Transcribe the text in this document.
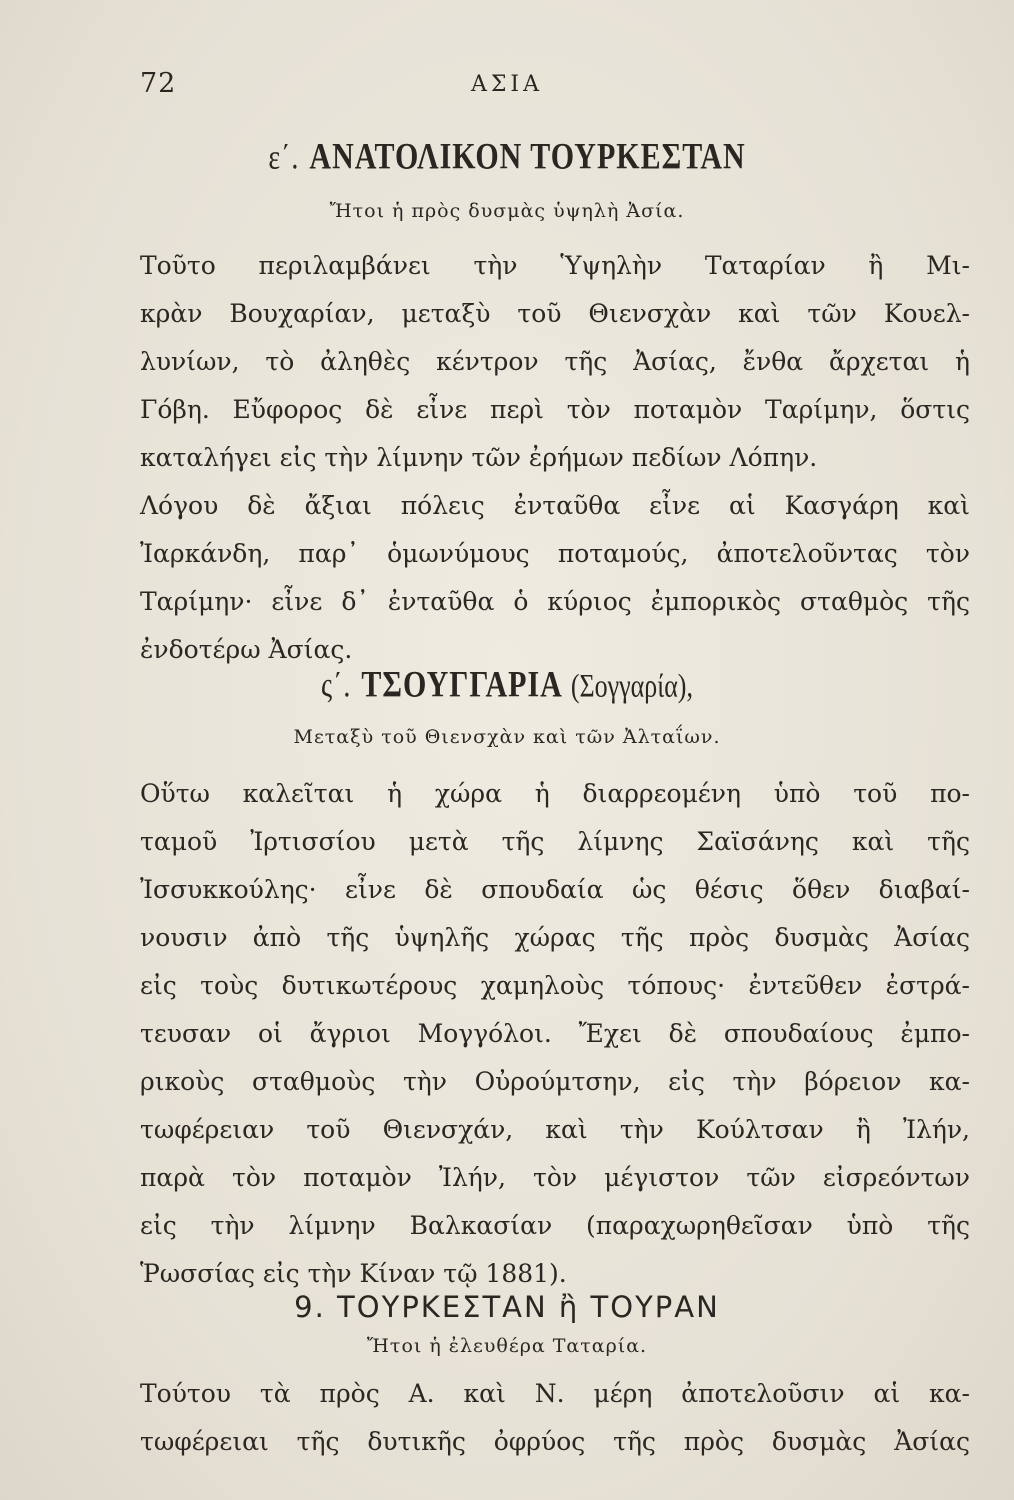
72	ΑΣΙΑ
ε΄. ΑΝΑΤΟΛΙΚΟΝ ΤΟΥΡΚΕΣΤΑΝ
Ἤτοι ἡ πρὸς δυσμὰς ὑψηλὴ Ἀσία.
Τοῦτο περιλαμβάνει τὴν Ὑψηλὴν Ταταρίαν ἢ Μι-
κρὰν Βουχαρίαν, μεταξὺ τοῦ Θιενσχὰν καὶ τῶν Κουελ-
λυνίων, τὸ ἀληθὲς κέντρον τῆς Ἀσίας, ἔνθα ἄρχεται ἡ
Γόβη. Εὔφορος δὲ εἶνε περὶ τὸν ποταμὸν Ταρίμην, ὅστις
καταλήγει εἰς τὴν λίμνην τῶν ἐρήμων πεδίων Λόπην.
Λόγου δὲ ἄξιαι πόλεις ἐνταῦθα εἶνε αἱ Κασγάρη καὶ
Ἰαρκάνδη, παρ᾽ ὁμωνύμους ποταμούς, ἀποτελοῦντας τὸν
Ταρίμην· εἶνε δ᾽ ἐνταῦθα ὁ κύριος ἐμπορικὸς σταθμὸς τῆς
ἐνδοτέρω Ἀσίας.
ς΄. ΤΣΟΥΓΓΑΡΙΑ (Σογγαρία),
Μεταξὺ τοῦ Θιενσχὰν καὶ τῶν Ἀλταΐων.
Οὕτω καλεῖται ἡ χώρα ἡ διαρρεομένη ὑπὸ τοῦ πο-
ταμοῦ Ἰρτισσίου μετὰ τῆς λίμνης Σαϊσάνης καὶ τῆς
Ἰσσυκκούλης· εἶνε δὲ σπουδαία ὡς θέσις ὅθεν διαβαί-
νουσιν ἀπὸ τῆς ὑψηλῆς χώρας τῆς πρὸς δυσμὰς Ἀσίας
εἰς τοὺς δυτικωτέρους χαμηλοὺς τόπους· ἐντεῦθεν ἐστρά-
τευσαν οἱ ἄγριοι Μογγόλοι. Ἔχει δὲ σπουδαίους ἐμπο-
ρικοὺς σταθμοὺς τὴν Οὐρούμτσην, εἰς τὴν βόρειον κα-
τωφέρειαν τοῦ Θιενσχάν, καὶ τὴν Κούλτσαν ἢ Ἰλήν,
παρὰ τὸν ποταμὸν Ἰλήν, τὸν μέγιστον τῶν εἰσρεόντων
εἰς τὴν λίμνην Βαλκασίαν (παραχωρηθεῖσαν ὑπὸ τῆς
Ῥωσσίας εἰς τὴν Κίναν τῷ 1881).
9. ΤΟΥΡΚΕΣΤΑΝ ἢ ΤΟΥΡΑΝ
Ἤτοι ἡ ἐλευθέρα Ταταρία.
Τούτου τὰ πρὸς Α. καὶ Ν. μέρη ἀποτελοῦσιν αἱ κα-
τωφέρειαι τῆς δυτικῆς ὀφρύος τῆς πρὸς δυσμὰς Ἀσίας
